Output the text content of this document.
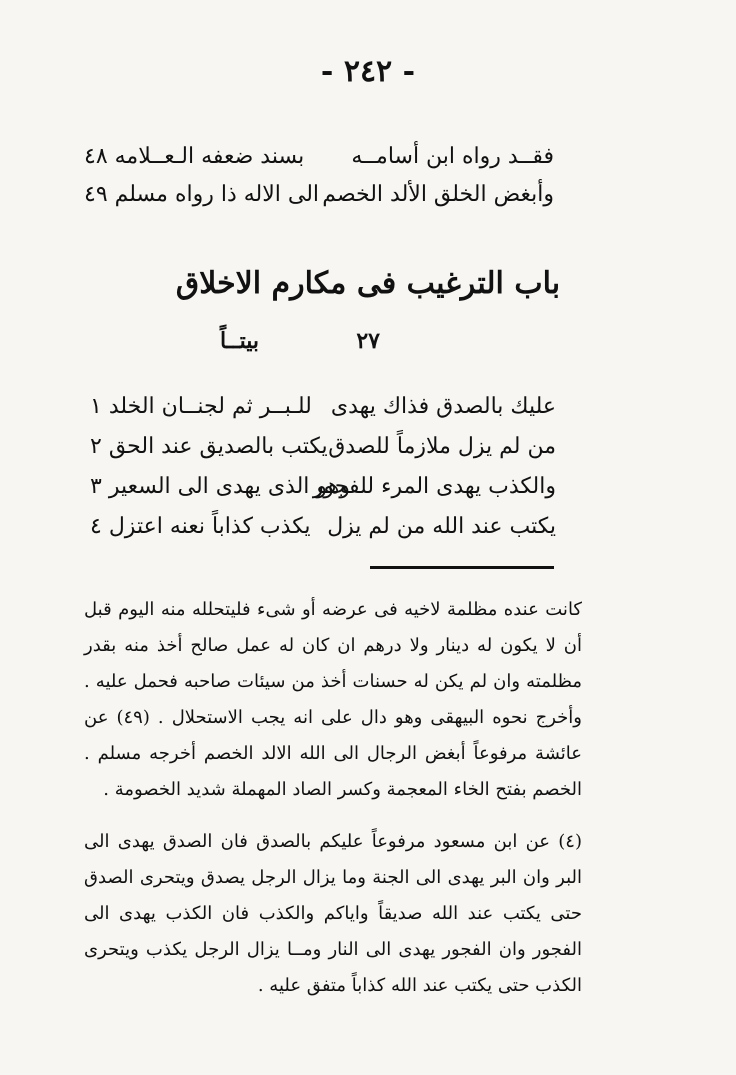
- ٢٤٢ -
فقــد رواه ابن أسامــه
بسند ضعفه الـعــلامه ٤٨
وأبغض الخلق الألد الخصم
الى الاله ذا رواه مسلم ٤٩
باب الترغيب فى مكارم الاخلاق
٢٧
بيتــاً
عليك بالصدق فذاك يهدى
للـبــر ثم لجنــان الخلد ١
من لم يزل ملازماً للصدق
يكتب بالصديق عند الحق ٢
والكذب يهدى المرء للفجور
وهو الذى يهدى الى السعير ٣
يكتب عند الله من لم يزل
يكذب كذاباً نعنه اعتزل ٤
كانت عنده مظلمة لاخيه فى عرضه أو شىء فليتحلله منه اليوم قبل أن لا يكون له دينار ولا درهم ان كان له عمل صالح أخذ منه بقدر مظلمته وان لم يكن له حسنات أخذ من سيئات صاحبه فحمل عليه . وأخرج نحوه البيهقى وهو دال على انه يجب الاستحلال . (٤٩) عن عائشة مرفوعاً أبغض الرجال الى الله الالد الخصم أخرجه مسلم . الخصم بفتح الخاء المعجمة وكسر الصاد المهملة شديد الخصومة .
(٤) عن ابن مسعود مرفوعاً عليكم بالصدق فان الصدق يهدى الى البر وان البر يهدى الى الجنة وما يزال الرجل يصدق ويتحرى الصدق حتى يكتب عند الله صديقاً واياكم والكذب فان الكذب يهدى الى الفجور وان الفجور يهدى الى النار ومــا يزال الرجل يكذب ويتحرى الكذب حتى يكتب عند الله كذاباً متفق عليه .
